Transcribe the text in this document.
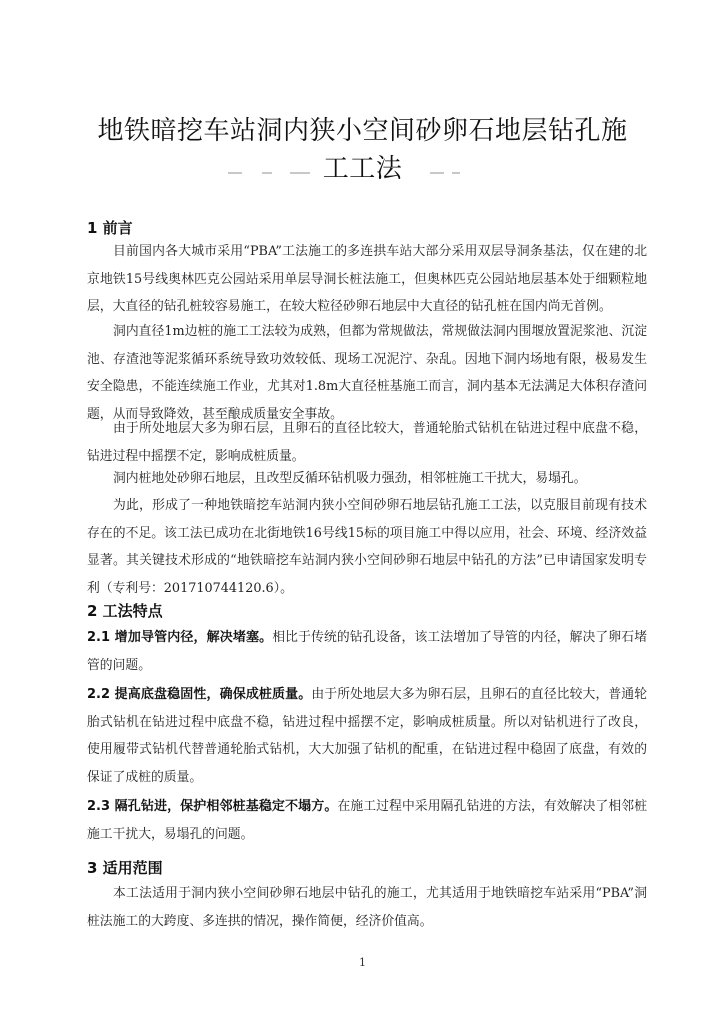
地铁暗挖车站洞内狭小空间砂卵石地层钻孔施
工工法
1 前言

目前国内各大城市采用“PBA”工法施工的多连拱车站大部分采用双层导洞条基法，仅在建的北京地铁15号线奥林匹克公园站采用单层导洞长桩法施工，但奥林匹克公园站地层基本处于细颗粒地层，大直径的钻孔桩较容易施工，在较大粒径砂卵石地层中大直径的钻孔桩在国内尚无首例。

洞内直径1m边桩的施工工法较为成熟，但都为常规做法，常规做法洞内围堰放置泥浆池、沉淀池、存渣池等泥浆循环系统导致功效较低、现场工况泥泞、杂乱。因地下洞内场地有限，极易发生安全隐患，不能连续施工作业，尤其对1.8m大直径桩基施工而言，洞内基本无法满足大体积存渣问题，从而导致降效，甚至酿成质量安全事故。

由于所处地层大多为卵石层，且卵石的直径比较大，普通轮胎式钻机在钻进过程中底盘不稳，钻进过程中摇摆不定，影响成桩质量。

洞内桩地处砂卵石地层，且改型反循环钻机吸力强劲，相邻桩施工干扰大，易塌孔。

为此，形成了一种地铁暗挖车站洞内狭小空间砂卵石地层钻孔施工工法，以克服目前现有技术存在的不足。该工法已成功在北街地铁16号线15标的项目施工中得以应用，社会、环境、经济效益显著。其关键技术形成的“地铁暗挖车站洞内狭小空间砂卵石地层中钻孔的方法”已申请国家发明专利（专利号：201710744120.6）。

2 工法特点

2.1 增加导管内径，解决堵塞。相比于传统的钻孔设备，该工法增加了导管的内径，解决了卵石堵管的问题。

2.2 提高底盘稳固性，确保成桩质量。由于所处地层大多为卵石层，且卵石的直径比较大，普通轮胎式钻机在钻进过程中底盘不稳，钻进过程中摇摆不定，影响成桩质量。所以对钻机进行了改良，使用履带式钻机代替普通轮胎式钻机，大大加强了钻机的配重，在钻进过程中稳固了底盘，有效的保证了成桩的质量。

2.3 隔孔钻进，保护相邻桩基稳定不塌方。在施工过程中采用隔孔钻进的方法，有效解决了相邻桩施工干扰大，易塌孔的问题。

3 适用范围

本工法适用于洞内狭小空间砂卵石地层中钻孔的施工，尤其适用于地铁暗挖车站采用“PBA”洞桩法施工的大跨度、多连拱的情况，操作简便，经济价值高。

1
